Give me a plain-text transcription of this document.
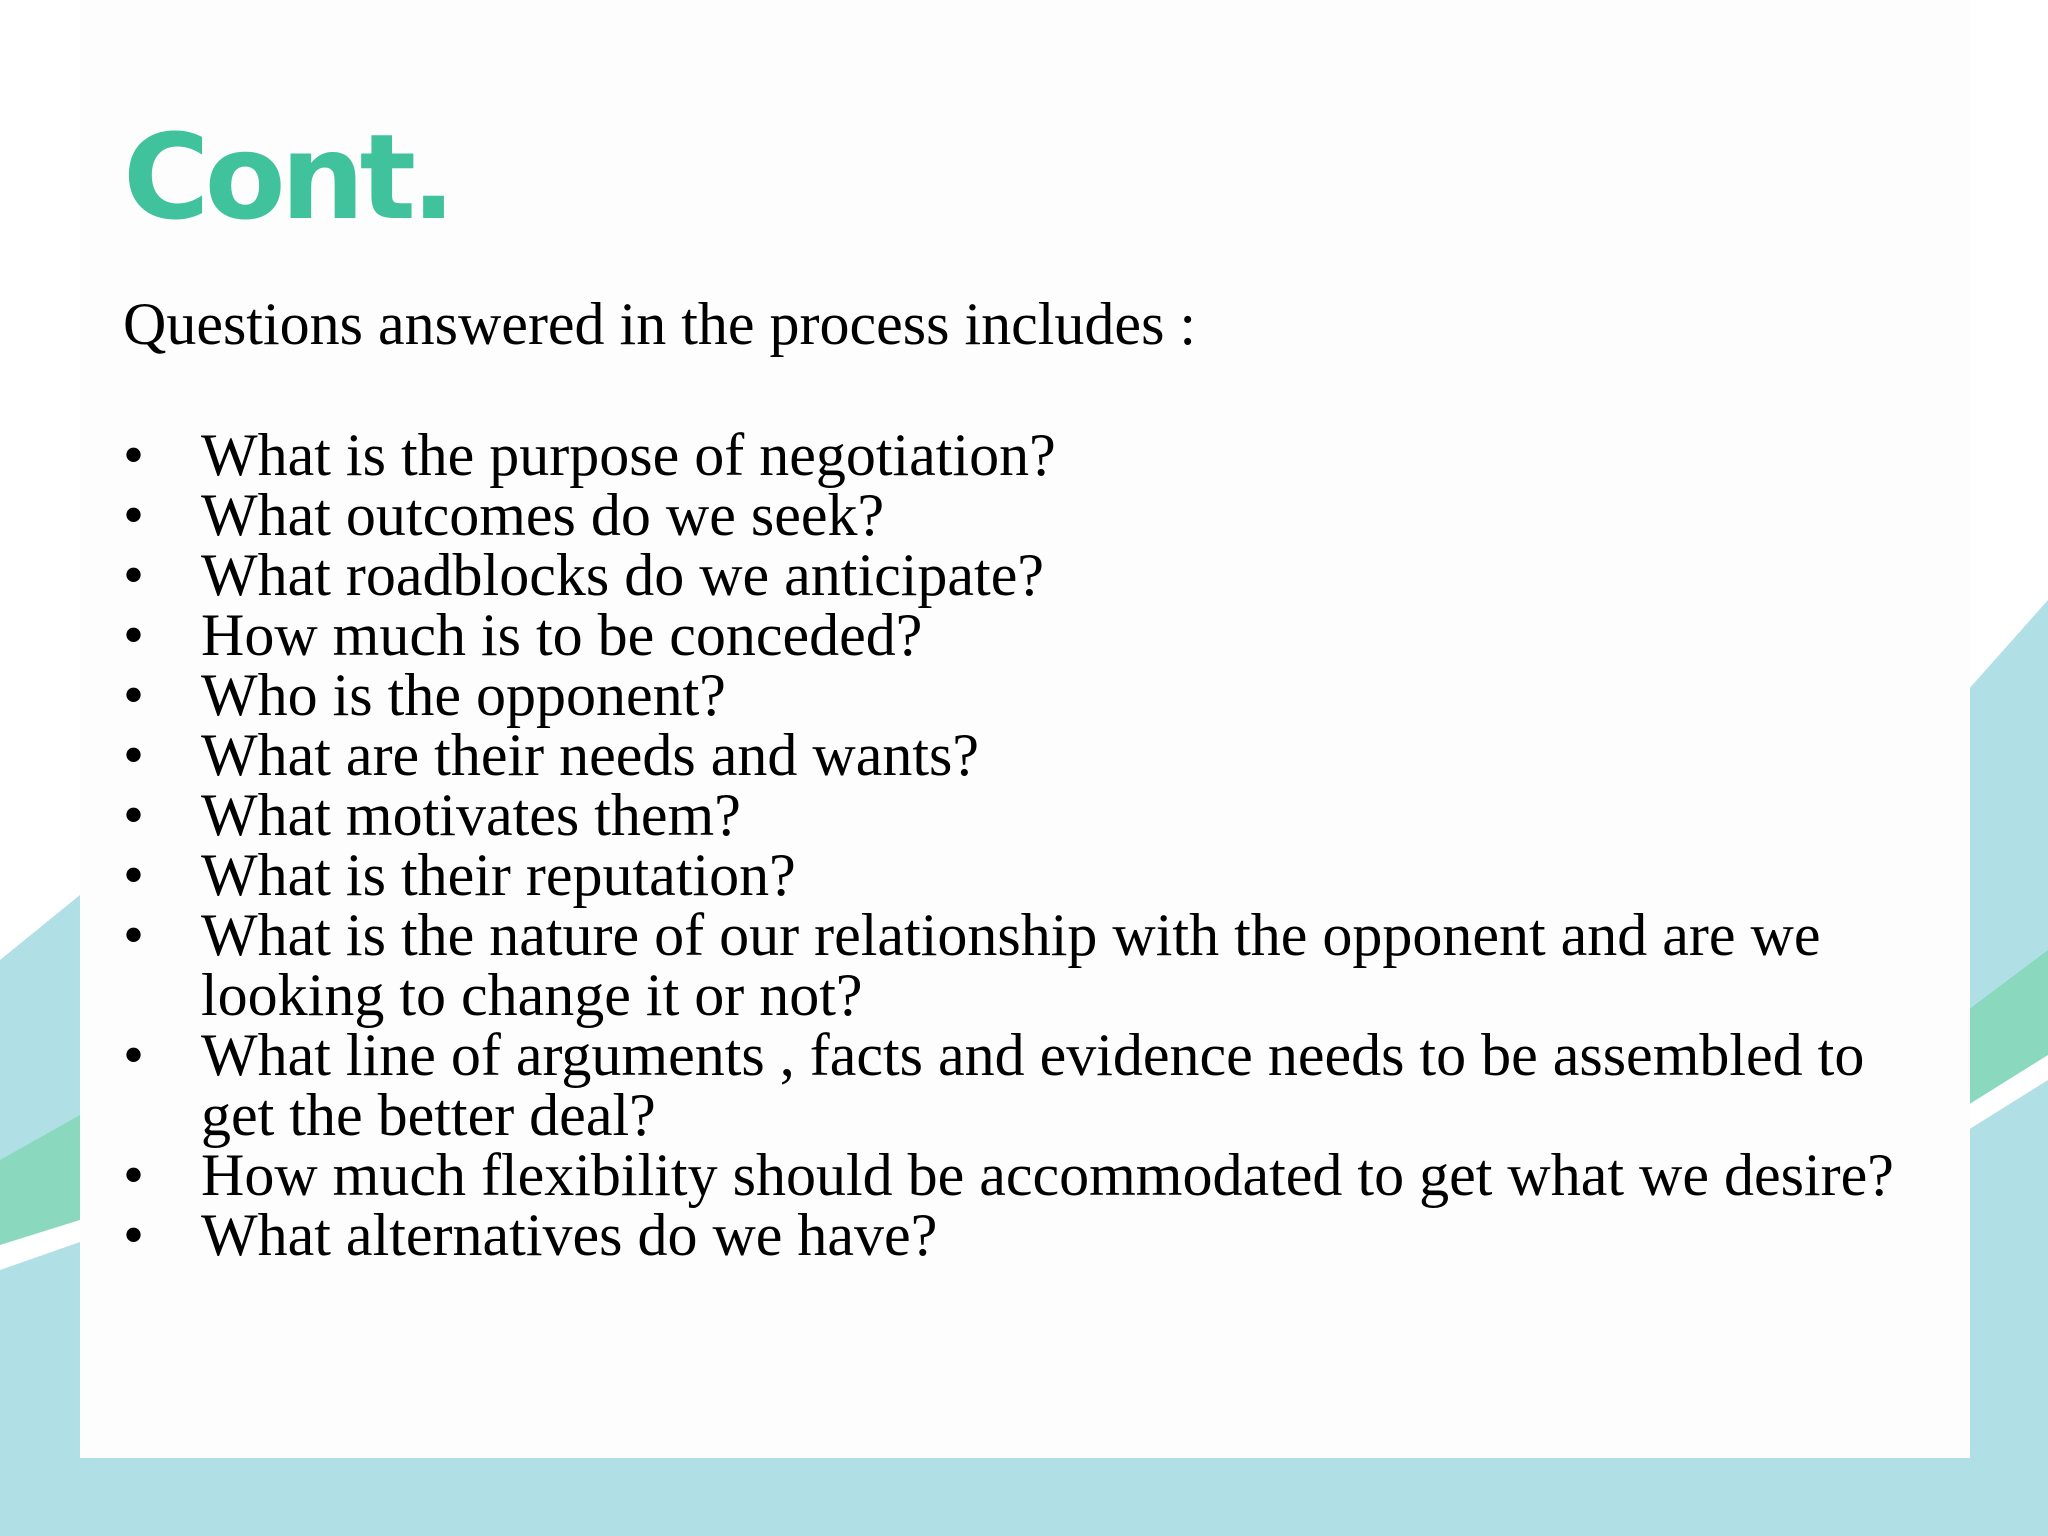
Cont.

Questions answered in the process includes :

• What is the purpose of negotiation?
• What outcomes do we seek?
• What roadblocks do we anticipate?
• How much is to be conceded?
• Who is the opponent?
• What are their needs and wants?
• What motivates them?
• What is their reputation?
• What is the nature of our relationship with the opponent and are we looking to change it or not?
• What line of arguments , facts and evidence needs to be assembled to get the better deal?
• How much flexibility should be accommodated to get what we desire?
• What alternatives do we have?
